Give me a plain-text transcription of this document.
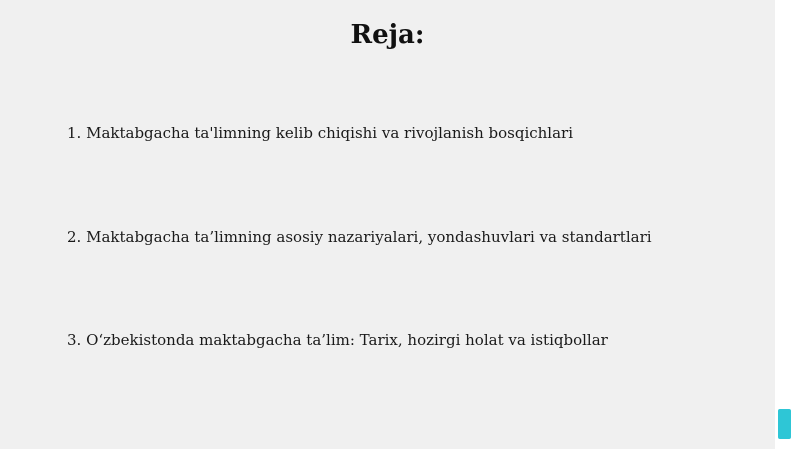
Reja:

1. Maktabgacha ta'limning kelib chiqishi va rivojlanish bosqichlari

2. Maktabgacha ta’limning asosiy nazariyalari, yondashuvlari va standartlari

3. O‘zbekistonda maktabgacha ta’lim: Tarix, hozirgi holat va istiqbollar
